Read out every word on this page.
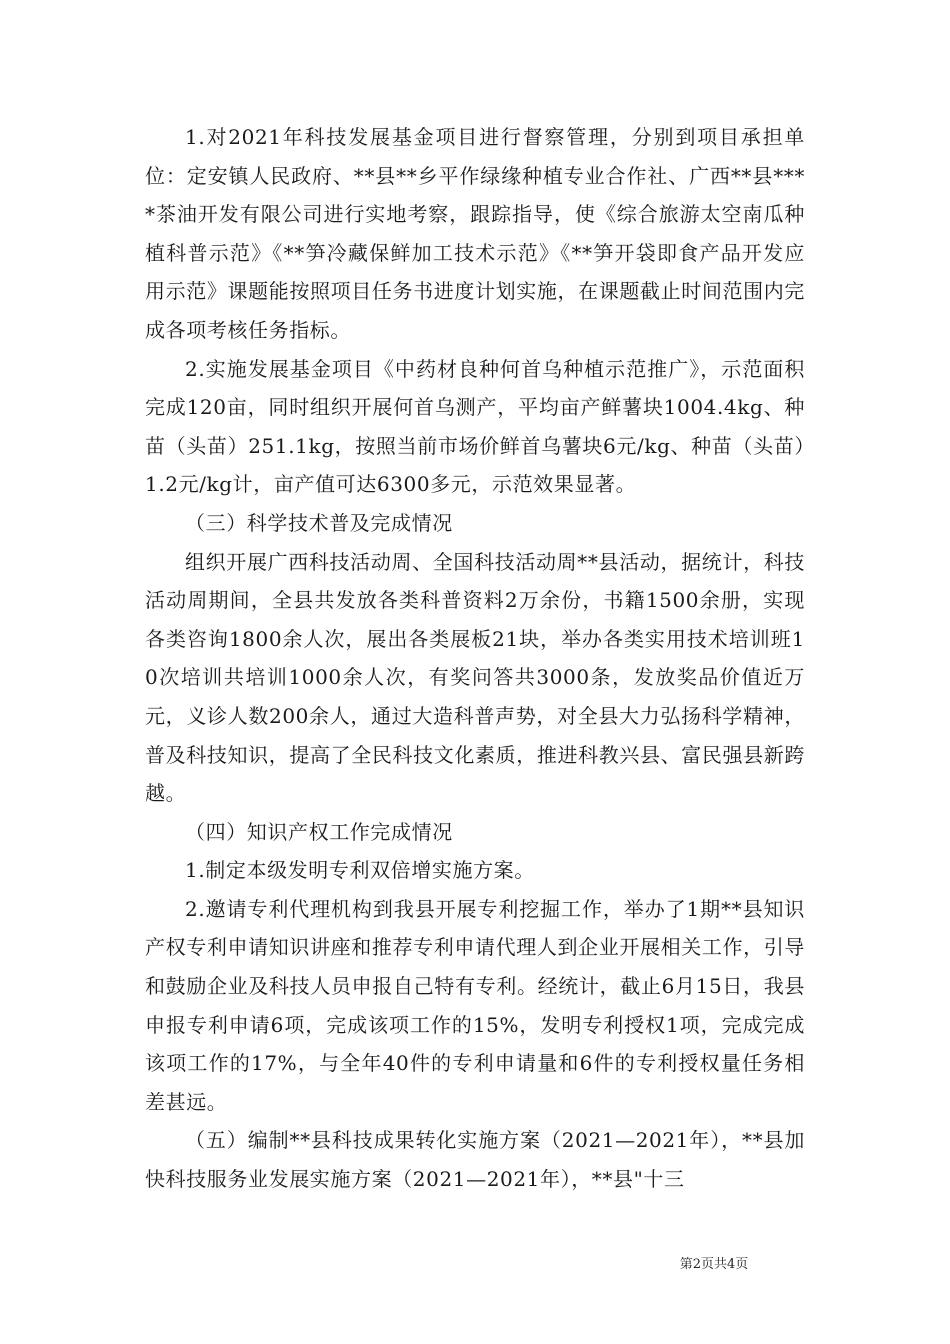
1.对2021年科技发展基金项目进行督察管理，分别到项目承担单位：定安镇人民政府、**县**乡平作绿缘种植专业合作社、广西**县****茶油开发有限公司进行实地考察，跟踪指导，使《综合旅游太空南瓜种植科普示范》《**笋冷藏保鲜加工技术示范》《**笋开袋即食产品开发应用示范》课题能按照项目任务书进度计划实施，在课题截止时间范围内完成各项考核任务指标。

2.实施发展基金项目《中药材良种何首乌种植示范推广》，示范面积完成120亩，同时组织开展何首乌测产，平均亩产鲜薯块1004.4kg、种苗（头苗）251.1kg，按照当前市场价鲜首乌薯块6元/kg、种苗（头苗）1.2元/kg计，亩产值可达6300多元，示范效果显著。

（三）科学技术普及完成情况

组织开展广西科技活动周、全国科技活动周**县活动，据统计，科技活动周期间，全县共发放各类科普资料2万余份，书籍1500余册，实现各类咨询1800余人次，展出各类展板21块，举办各类实用技术培训班10次培训共培训1000余人次，有奖问答共3000条，发放奖品价值近万元，义诊人数200余人，通过大造科普声势，对全县大力弘扬科学精神，普及科技知识，提高了全民科技文化素质，推进科教兴县、富民强县新跨越。

（四）知识产权工作完成情况

1.制定本级发明专利双倍增实施方案。

2.邀请专利代理机构到我县开展专利挖掘工作，举办了1期**县知识产权专利申请知识讲座和推荐专利申请代理人到企业开展相关工作，引导和鼓励企业及科技人员申报自己特有专利。经统计，截止6月15日，我县申报专利申请6项，完成该项工作的15%，发明专利授权1项，完成完成该项工作的17%，与全年40件的专利申请量和6件的专利授权量任务相差甚远。

（五）编制**县科技成果转化实施方案（2021—2021年），**县加快科技服务业发展实施方案（2021—2021年），**县"十三

第2页共4页
